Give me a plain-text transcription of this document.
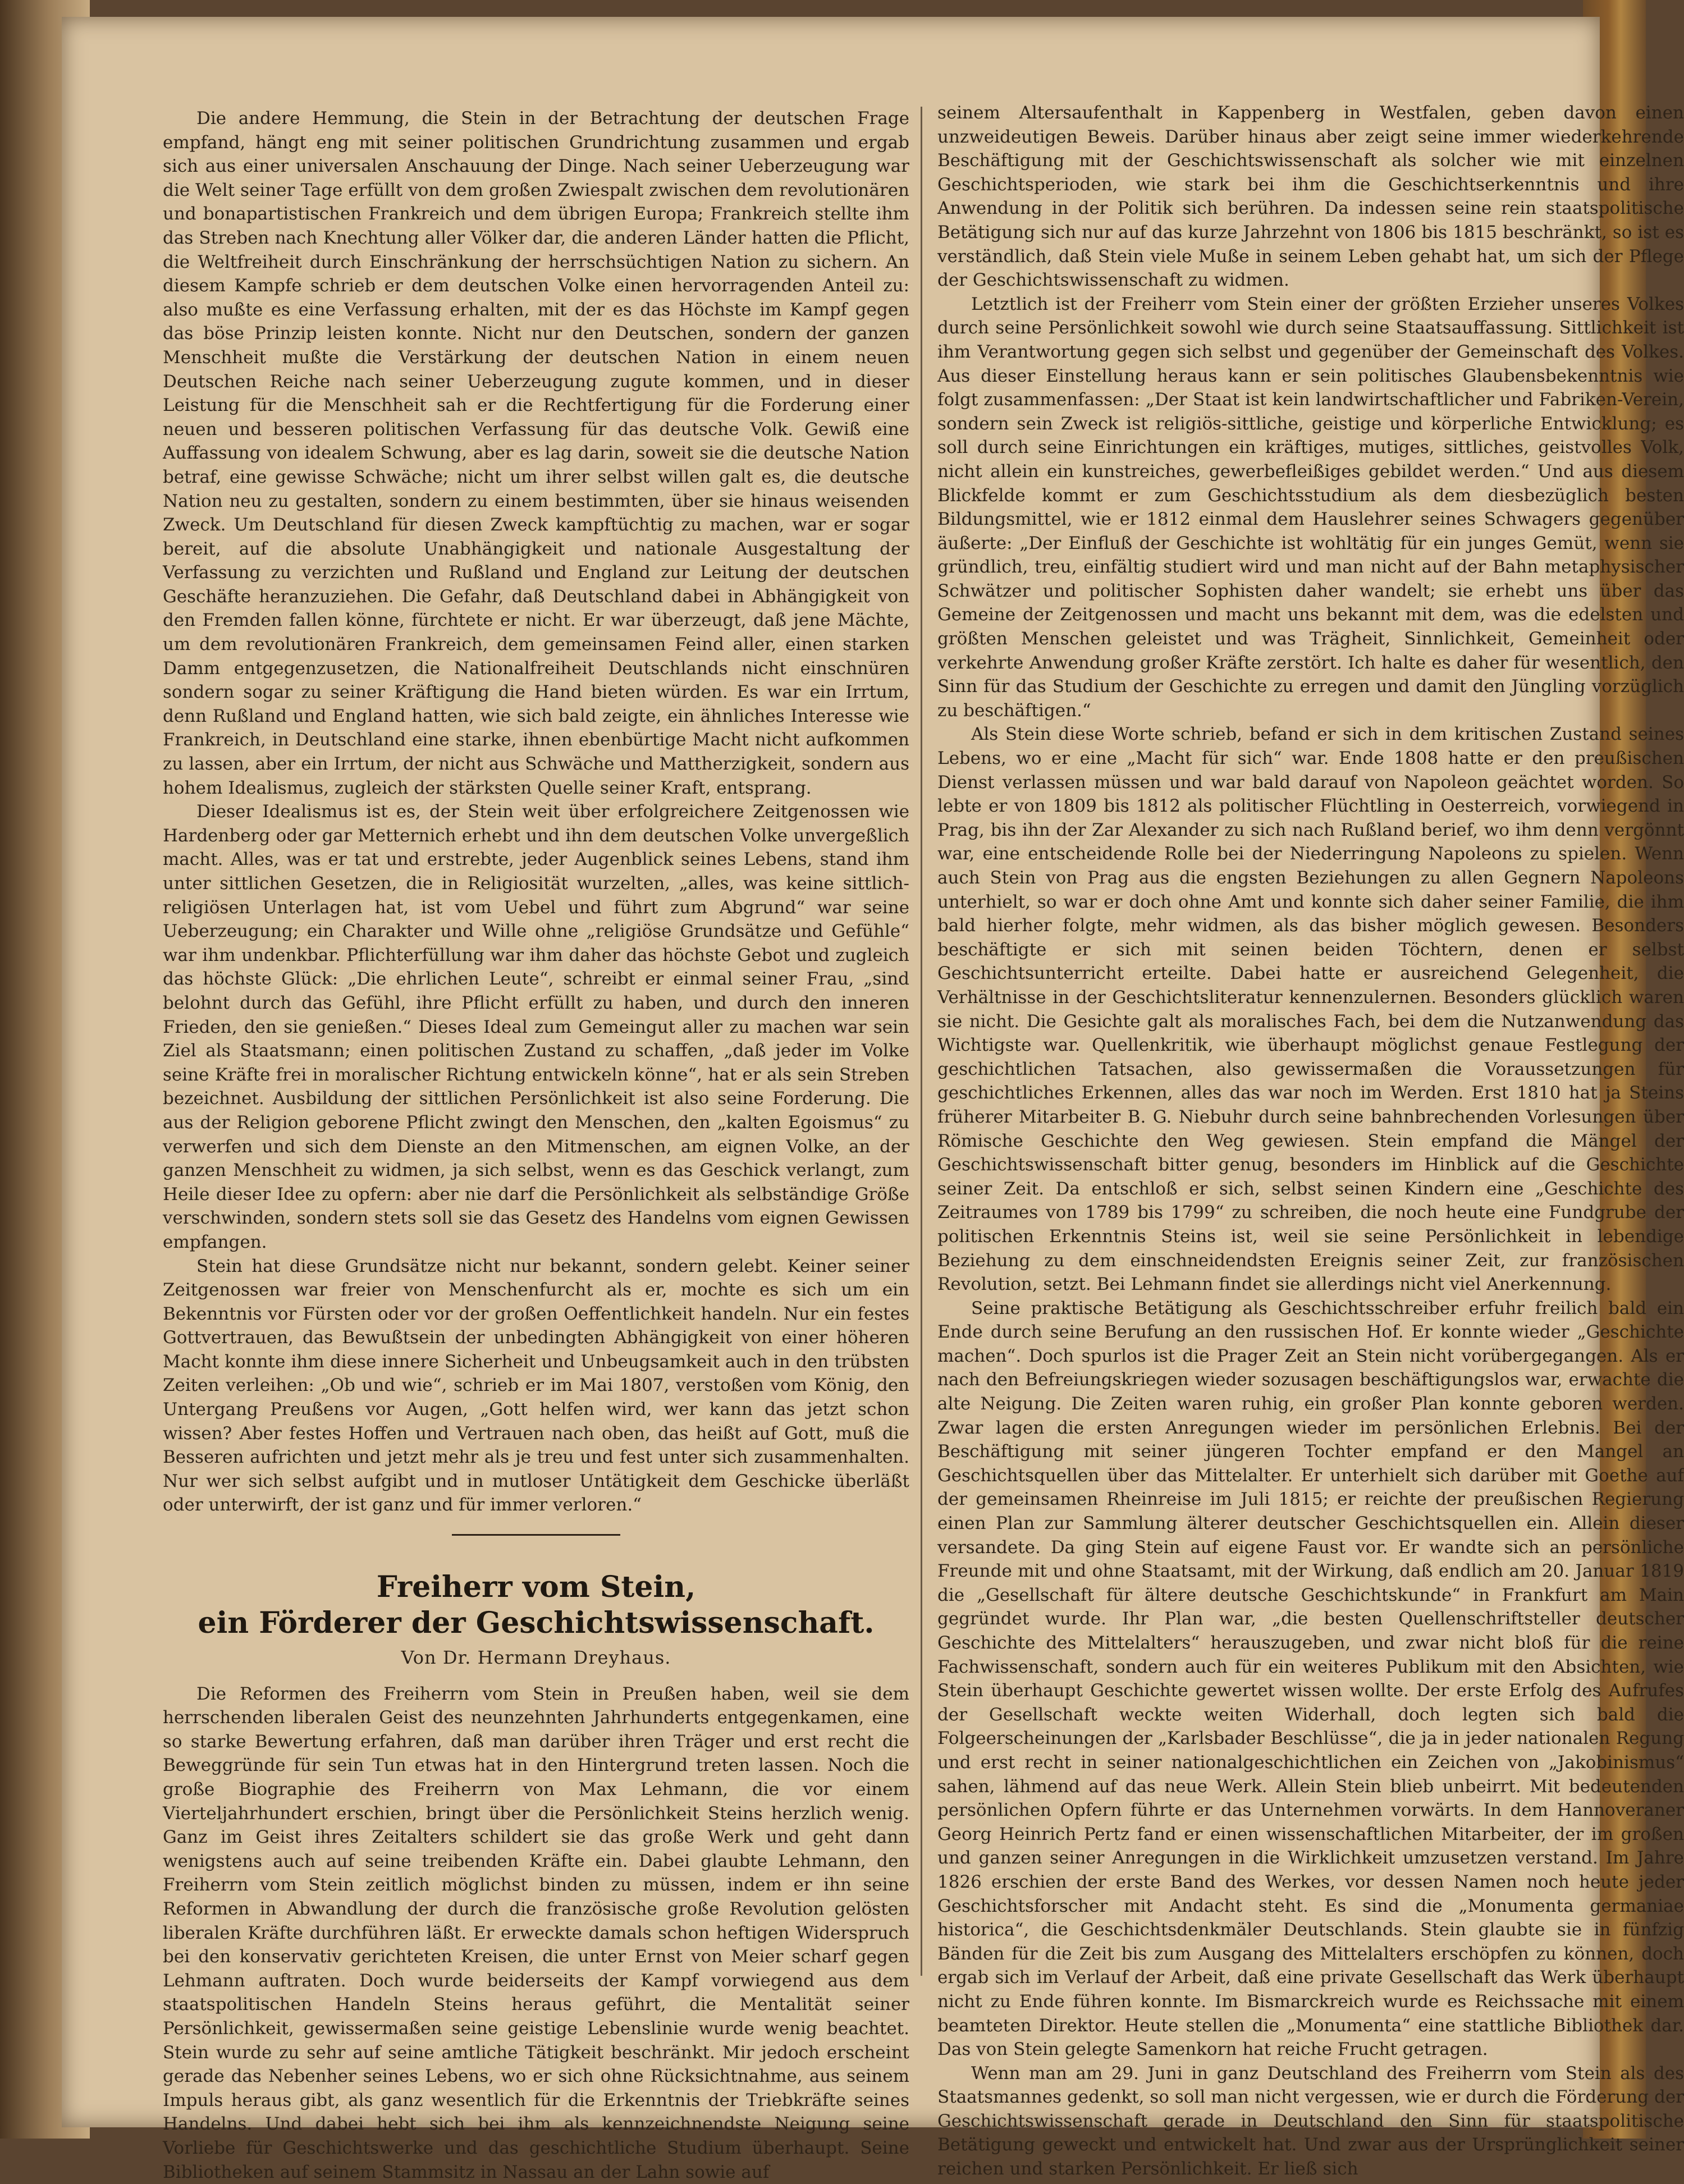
Die andere Hemmung, die Stein in der Betrachtung der deutschen Frage empfand, hängt eng mit seiner politischen Grundrichtung zusammen und ergab sich aus einer universalen Anschauung der Dinge. Nach seiner Ueberzeugung war die Welt seiner Tage erfüllt von dem großen Zwiespalt zwischen dem revolutionären und bonapartistischen Frankreich und dem übrigen Europa; Frankreich stellte ihm das Streben nach Knechtung aller Völker dar, die anderen Länder hatten die Pflicht, die Weltfreiheit durch Einschränkung der herrschsüchtigen Nation zu sichern. An diesem Kampfe schrieb er dem deutschen Volke einen hervorragenden Anteil zu: also mußte es eine Verfassung erhalten, mit der es das Höchste im Kampf gegen das böse Prinzip leisten konnte. Nicht nur den Deutschen, sondern der ganzen Menschheit mußte die Verstärkung der deutschen Nation in einem neuen Deutschen Reiche nach seiner Ueberzeugung zugute kommen, und in dieser Leistung für die Menschheit sah er die Rechtfertigung für die Forderung einer neuen und besseren politischen Verfassung für das deutsche Volk. Gewiß eine Auffassung von idealem Schwung, aber es lag darin, soweit sie die deutsche Nation betraf, eine gewisse Schwäche; nicht um ihrer selbst willen galt es, die deutsche Nation neu zu gestalten, sondern zu einem bestimmten, über sie hinaus weisenden Zweck. Um Deutschland für diesen Zweck kampftüchtig zu machen, war er sogar bereit, auf die absolute Unabhängigkeit und nationale Ausgestaltung der Verfassung zu verzichten und Rußland und England zur Leitung der deutschen Geschäfte heranzuziehen. Die Gefahr, daß Deutschland dabei in Abhängigkeit von den Fremden fallen könne, fürchtete er nicht. Er war überzeugt, daß jene Mächte, um dem revolutionären Frankreich, dem gemeinsamen Feind aller, einen starken Damm entgegenzusetzen, die Nationalfreiheit Deutschlands nicht einschnüren sondern sogar zu seiner Kräftigung die Hand bieten würden. Es war ein Irrtum, denn Rußland und England hatten, wie sich bald zeigte, ein ähnliches Interesse wie Frankreich, in Deutschland eine starke, ihnen ebenbürtige Macht nicht aufkommen zu lassen, aber ein Irrtum, der nicht aus Schwäche und Mattherzigkeit, sondern aus hohem Idealismus, zugleich der stärksten Quelle seiner Kraft, entsprang.

Dieser Idealismus ist es, der Stein weit über erfolgreichere Zeitgenossen wie Hardenberg oder gar Metternich erhebt und ihn dem deutschen Volke unvergeßlich macht. Alles, was er tat und erstrebte, jeder Augenblick seines Lebens, stand ihm unter sittlichen Gesetzen, die in Religiosität wurzelten, „alles, was keine sittlich-religiösen Unterlagen hat, ist vom Uebel und führt zum Abgrund“ war seine Ueberzeugung; ein Charakter und Wille ohne „religiöse Grundsätze und Gefühle“ war ihm undenkbar. Pflichterfüllung war ihm daher das höchste Gebot und zugleich das höchste Glück: „Die ehrlichen Leute“, schreibt er einmal seiner Frau, „sind belohnt durch das Gefühl, ihre Pflicht erfüllt zu haben, und durch den inneren Frieden, den sie genießen.“ Dieses Ideal zum Gemeingut aller zu machen war sein Ziel als Staatsmann; einen politischen Zustand zu schaffen, „daß jeder im Volke seine Kräfte frei in moralischer Richtung entwickeln könne“, hat er als sein Streben bezeichnet. Ausbildung der sittlichen Persönlichkeit ist also seine Forderung. Die aus der Religion geborene Pflicht zwingt den Menschen, den „kalten Egoismus“ zu verwerfen und sich dem Dienste an den Mitmenschen, am eignen Volke, an der ganzen Menschheit zu widmen, ja sich selbst, wenn es das Geschick verlangt, zum Heile dieser Idee zu opfern: aber nie darf die Persönlichkeit als selbständige Größe verschwinden, sondern stets soll sie das Gesetz des Handelns vom eignen Gewissen empfangen.

Stein hat diese Grundsätze nicht nur bekannt, sondern gelebt. Keiner seiner Zeitgenossen war freier von Menschenfurcht als er, mochte es sich um ein Bekenntnis vor Fürsten oder vor der großen Oeffentlichkeit handeln. Nur ein festes Gottvertrauen, das Bewußtsein der unbedingten Abhängigkeit von einer höheren Macht konnte ihm diese innere Sicherheit und Unbeugsamkeit auch in den trübsten Zeiten verleihen: „Ob und wie“, schrieb er im Mai 1807, verstoßen vom König, den Untergang Preußens vor Augen, „Gott helfen wird, wer kann das jetzt schon wissen? Aber festes Hoffen und Vertrauen nach oben, das heißt auf Gott, muß die Besseren aufrichten und jetzt mehr als je treu und fest unter sich zusammenhalten. Nur wer sich selbst aufgibt und in mutloser Untätigkeit dem Geschicke überläßt oder unterwirft, der ist ganz und für immer verloren.“

Freiherr vom Stein,
ein Förderer der Geschichtswissenschaft.
Von Dr. Hermann Dreyhaus.

Die Reformen des Freiherrn vom Stein in Preußen haben, weil sie dem herrschenden liberalen Geist des neunzehnten Jahrhunderts entgegenkamen, eine so starke Bewertung erfahren, daß man darüber ihren Träger und erst recht die Beweggründe für sein Tun etwas hat in den Hintergrund treten lassen. Noch die große Biographie des Freiherrn von Max Lehmann, die vor einem Vierteljahrhundert erschien, bringt über die Persönlichkeit Steins herzlich wenig. Ganz im Geist ihres Zeitalters schildert sie das große Werk und geht dann wenigstens auch auf seine treibenden Kräfte ein. Dabei glaubte Lehmann, den Freiherrn vom Stein zeitlich möglichst binden zu müssen, indem er ihn seine Reformen in Abwandlung der durch die französische große Revolution gelösten liberalen Kräfte durchführen läßt. Er erweckte damals schon heftigen Widerspruch bei den konservativ gerichteten Kreisen, die unter Ernst von Meier scharf gegen Lehmann auftraten. Doch wurde beiderseits der Kampf vorwiegend aus dem staatspolitischen Handeln Steins heraus geführt, die Mentalität seiner Persönlichkeit, gewissermaßen seine geistige Lebenslinie wurde wenig beachtet. Stein wurde zu sehr auf seine amtliche Tätigkeit beschränkt. Mir jedoch erscheint gerade das Nebenher seines Lebens, wo er sich ohne Rücksichtnahme, aus seinem Impuls heraus gibt, als ganz wesentlich für die Erkenntnis der Triebkräfte seines Handelns. Und dabei hebt sich bei ihm als kennzeichnendste Neigung seine Vorliebe für Geschichtswerke und das geschichtliche Studium überhaupt. Seine Bibliotheken auf seinem Stammsitz in Nassau an der Lahn sowie auf

seinem Altersaufenthalt in Kappenberg in Westfalen, geben davon einen unzweideutigen Beweis. Darüber hinaus aber zeigt seine immer wiederkehrende Beschäftigung mit der Geschichtswissenschaft als solcher wie mit einzelnen Geschichtsperioden, wie stark bei ihm die Geschichtserkenntnis und ihre Anwendung in der Politik sich berühren. Da indessen seine rein staatspolitische Betätigung sich nur auf das kurze Jahrzehnt von 1806 bis 1815 beschränkt, so ist es verständlich, daß Stein viele Muße in seinem Leben gehabt hat, um sich der Pflege der Geschichtswissenschaft zu widmen.

Letztlich ist der Freiherr vom Stein einer der größten Erzieher unseres Volkes durch seine Persönlichkeit sowohl wie durch seine Staatsauffassung. Sittlichkeit ist ihm Verantwortung gegen sich selbst und gegenüber der Gemeinschaft des Volkes. Aus dieser Einstellung heraus kann er sein politisches Glaubensbekenntnis wie folgt zusammenfassen: „Der Staat ist kein landwirtschaftlicher und Fabriken-Verein, sondern sein Zweck ist religiös-sittliche, geistige und körperliche Entwicklung; es soll durch seine Einrichtungen ein kräftiges, mutiges, sittliches, geistvolles Volk, nicht allein ein kunstreiches, gewerbefleißiges gebildet werden.“ Und aus diesem Blickfelde kommt er zum Geschichtsstudium als dem diesbezüglich besten Bildungsmittel, wie er 1812 einmal dem Hauslehrer seines Schwagers gegenüber äußerte: „Der Einfluß der Geschichte ist wohltätig für ein junges Gemüt, wenn sie gründlich, treu, einfältig studiert wird und man nicht auf der Bahn metaphysischer Schwätzer und politischer Sophisten daher wandelt; sie erhebt uns über das Gemeine der Zeitgenossen und macht uns bekannt mit dem, was die edelsten und größten Menschen geleistet und was Trägheit, Sinnlichkeit, Gemeinheit oder verkehrte Anwendung großer Kräfte zerstört. Ich halte es daher für wesentlich, den Sinn für das Studium der Geschichte zu erregen und damit den Jüngling vorzüglich zu beschäftigen.“

Als Stein diese Worte schrieb, befand er sich in dem kritischen Zustand seines Lebens, wo er eine „Macht für sich“ war. Ende 1808 hatte er den preußischen Dienst verlassen müssen und war bald darauf von Napoleon geächtet worden. So lebte er von 1809 bis 1812 als politischer Flüchtling in Oesterreich, vorwiegend in Prag, bis ihn der Zar Alexander zu sich nach Rußland berief, wo ihm denn vergönnt war, eine entscheidende Rolle bei der Niederringung Napoleons zu spielen. Wenn auch Stein von Prag aus die engsten Beziehungen zu allen Gegnern Napoleons unterhielt, so war er doch ohne Amt und konnte sich daher seiner Familie, die ihm bald hierher folgte, mehr widmen, als das bisher möglich gewesen. Besonders beschäftigte er sich mit seinen beiden Töchtern, denen er selbst Geschichtsunterricht erteilte. Dabei hatte er ausreichend Gelegenheit, die Verhältnisse in der Geschichtsliteratur kennenzulernen. Besonders glücklich waren sie nicht. Die Gesichte galt als moralisches Fach, bei dem die Nutzanwendung das Wichtigste war. Quellenkritik, wie überhaupt möglichst genaue Festlegung der geschichtlichen Tatsachen, also gewissermaßen die Voraussetzungen für geschichtliches Erkennen, alles das war noch im Werden. Erst 1810 hat ja Steins früherer Mitarbeiter B. G. Niebuhr durch seine bahnbrechenden Vorlesungen über Römische Geschichte den Weg gewiesen. Stein empfand die Mängel der Geschichtswissenschaft bitter genug, besonders im Hinblick auf die Geschichte seiner Zeit. Da entschloß er sich, selbst seinen Kindern eine „Geschichte des Zeitraumes von 1789 bis 1799“ zu schreiben, die noch heute eine Fundgrube der politischen Erkenntnis Steins ist, weil sie seine Persönlichkeit in lebendige Beziehung zu dem einschneidendsten Ereignis seiner Zeit, zur französischen Revolution, setzt. Bei Lehmann findet sie allerdings nicht viel Anerkennung.

Seine praktische Betätigung als Geschichtsschreiber erfuhr freilich bald ein Ende durch seine Berufung an den russischen Hof. Er konnte wieder „Geschichte machen“. Doch spurlos ist die Prager Zeit an Stein nicht vorübergegangen. Als er nach den Befreiungskriegen wieder sozusagen beschäftigungslos war, erwachte die alte Neigung. Die Zeiten waren ruhig, ein großer Plan konnte geboren werden. Zwar lagen die ersten Anregungen wieder im persönlichen Erlebnis. Bei der Beschäftigung mit seiner jüngeren Tochter empfand er den Mangel an Geschichtsquellen über das Mittelalter. Er unterhielt sich darüber mit Goethe auf der gemeinsamen Rheinreise im Juli 1815; er reichte der preußischen Regierung einen Plan zur Sammlung älterer deutscher Geschichtsquellen ein. Allein dieser versandete. Da ging Stein auf eigene Faust vor. Er wandte sich an persönliche Freunde mit und ohne Staatsamt, mit der Wirkung, daß endlich am 20. Januar 1819 die „Gesellschaft für ältere deutsche Geschichtskunde“ in Frankfurt am Main gegründet wurde. Ihr Plan war, „die besten Quellenschriftsteller deutscher Geschichte des Mittelalters“ herauszugeben, und zwar nicht bloß für die reine Fachwissenschaft, sondern auch für ein weiteres Publikum mit den Absichten, wie Stein überhaupt Geschichte gewertet wissen wollte. Der erste Erfolg des Aufrufes der Gesellschaft weckte weiten Widerhall, doch legten sich bald die Folgeerscheinungen der „Karlsbader Beschlüsse“, die ja in jeder nationalen Regung und erst recht in seiner nationalgeschichtlichen ein Zeichen von „Jakobinismus“ sahen, lähmend auf das neue Werk. Allein Stein blieb unbeirrt. Mit bedeutenden persönlichen Opfern führte er das Unternehmen vorwärts. In dem Hannoveraner Georg Heinrich Pertz fand er einen wissenschaftlichen Mitarbeiter, der im großen und ganzen seiner Anregungen in die Wirklichkeit umzusetzen verstand. Im Jahre 1826 erschien der erste Band des Werkes, vor dessen Namen noch heute jeder Geschichtsforscher mit Andacht steht. Es sind die „Monumenta germaniae historica“, die Geschichtsdenkmäler Deutschlands. Stein glaubte sie in fünfzig Bänden für die Zeit bis zum Ausgang des Mittelalters erschöpfen zu können, doch ergab sich im Verlauf der Arbeit, daß eine private Gesellschaft das Werk überhaupt nicht zu Ende führen konnte. Im Bismarckreich wurde es Reichssache mit einem beamteten Direktor. Heute stellen die „Monumenta“ eine stattliche Bibliothek dar. Das von Stein gelegte Samenkorn hat reiche Frucht getragen.

Wenn man am 29. Juni in ganz Deutschland des Freiherrn vom Stein als des Staatsmannes gedenkt, so soll man nicht vergessen, wie er durch die Förderung der Geschichtswissenschaft gerade in Deutschland den Sinn für staatspolitische Betätigung geweckt und entwickelt hat. Und zwar aus der Ursprünglichkeit seiner reichen und starken Persönlichkeit. Er ließ sich
